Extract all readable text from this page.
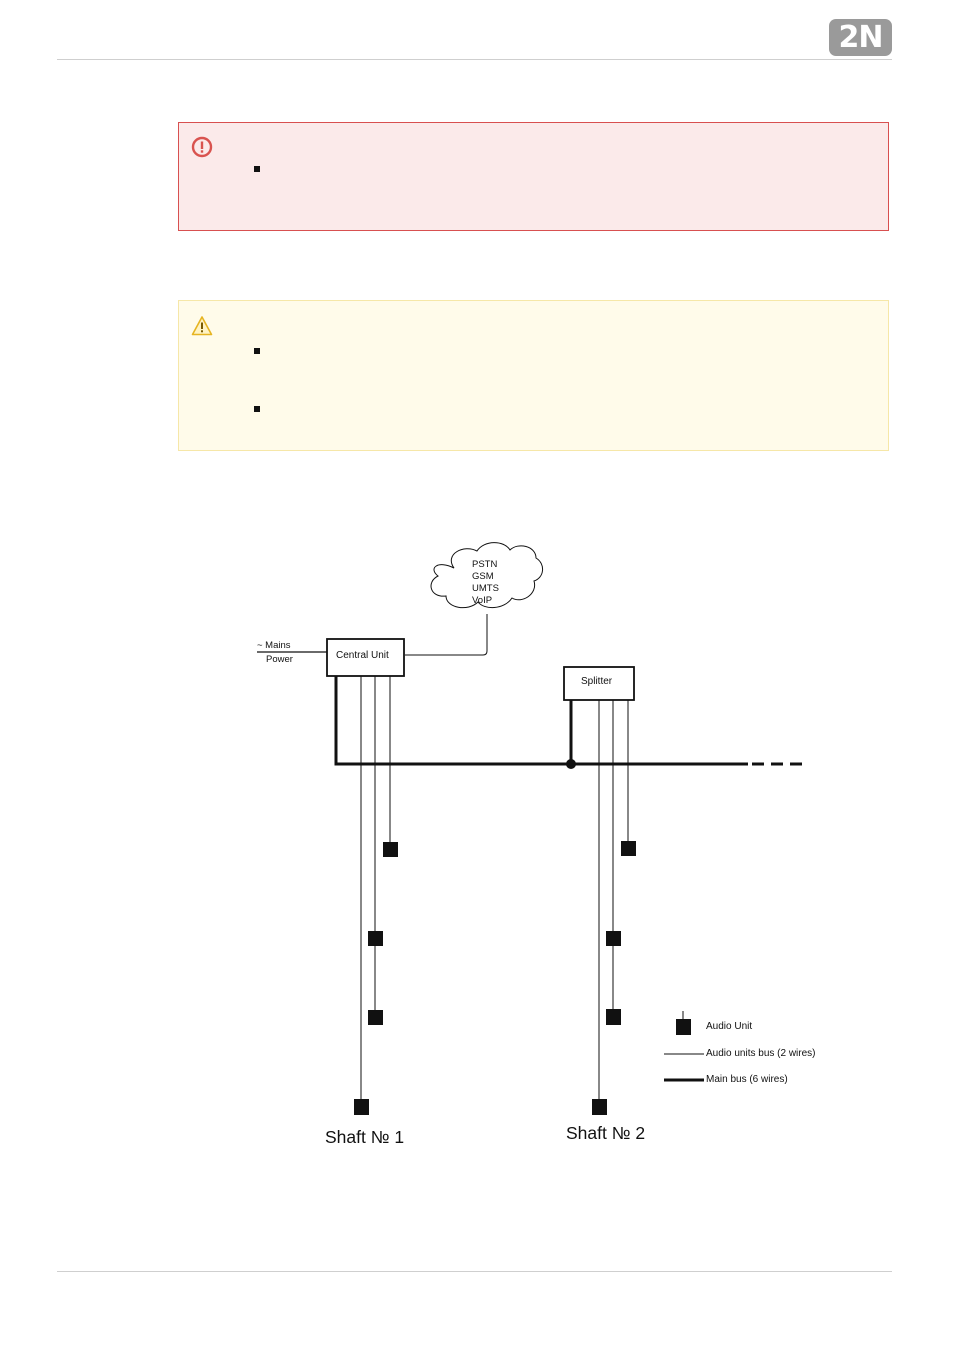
2N
PSTN
GSM
UMTS
VoIP
~ Mains
Power	Central Unit
Splitter
Audio Unit
Audio units bus (2 wires)
Main bus (6 wires)
Shaft № 1	Shaft № 2
